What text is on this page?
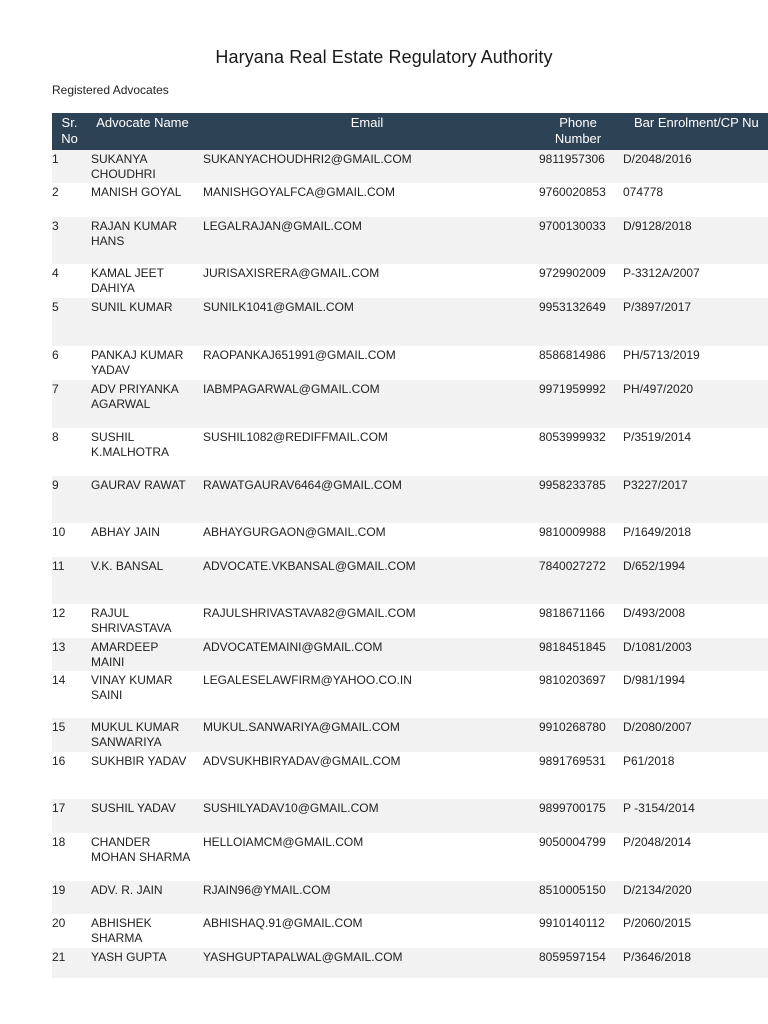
Haryana Real Estate Regulatory Authority
Registered Advocates
Sr. No	Advocate Name	Email	Phone Number	Bar Enrolment/CP Nu
1	SUKANYA CHOUDHRI	SUKANYACHOUDHRI2@GMAIL.COM	9811957306	D/2048/2016
2	MANISH GOYAL	MANISHGOYALFCA@GMAIL.COM	9760020853	074778
3	RAJAN KUMAR HANS	LEGALRAJAN@GMAIL.COM	9700130033	D/9128/2018
4	KAMAL JEET DAHIYA	JURISAXISRERA@GMAIL.COM	9729902009	P-3312A/2007
5	SUNIL KUMAR	SUNILK1041@GMAIL.COM	9953132649	P/3897/2017
6	PANKAJ KUMAR YADAV	RAOPANKAJ651991@GMAIL.COM	8586814986	PH/5713/2019
7	ADV PRIYANKA AGARWAL	IABMPAGARWAL@GMAIL.COM	9971959992	PH/497/2020
8	SUSHIL K.MALHOTRA	SUSHIL1082@REDIFFMAIL.COM	8053999932	P/3519/2014
9	GAURAV RAWAT	RAWATGAURAV6464@GMAIL.COM	9958233785	P3227/2017
10	ABHAY JAIN	ABHAYGURGAON@GMAIL.COM	9810009988	P/1649/2018
11	V.K. BANSAL	ADVOCATE.VKBANSAL@GMAIL.COM	7840027272	D/652/1994
12	RAJUL SHRIVASTAVA	RAJULSHRIVASTAVA82@GMAIL.COM	9818671166	D/493/2008
13	AMARDEEP MAINI	ADVOCATEMAINI@GMAIL.COM	9818451845	D/1081/2003
14	VINAY KUMAR SAINI	LEGALESELAWFIRM@YAHOO.CO.IN	9810203697	D/981/1994
15	MUKUL KUMAR SANWARIYA	MUKUL.SANWARIYA@GMAIL.COM	9910268780	D/2080/2007
16	SUKHBIR YADAV	ADVSUKHBIRYADAV@GMAIL.COM	9891769531	P61/2018
17	SUSHIL YADAV	SUSHILYADAV10@GMAIL.COM	9899700175	P -3154/2014
18	CHANDER MOHAN SHARMA	HELLOIAMCM@GMAIL.COM	9050004799	P/2048/2014
19	ADV. R. JAIN	RJAIN96@YMAIL.COM	8510005150	D/2134/2020
20	ABHISHEK SHARMA	ABHISHAQ.91@GMAIL.COM	9910140112	P/2060/2015
21	YASH GUPTA	YASHGUPTAPALWAL@GMAIL.COM	8059597154	P/3646/2018
